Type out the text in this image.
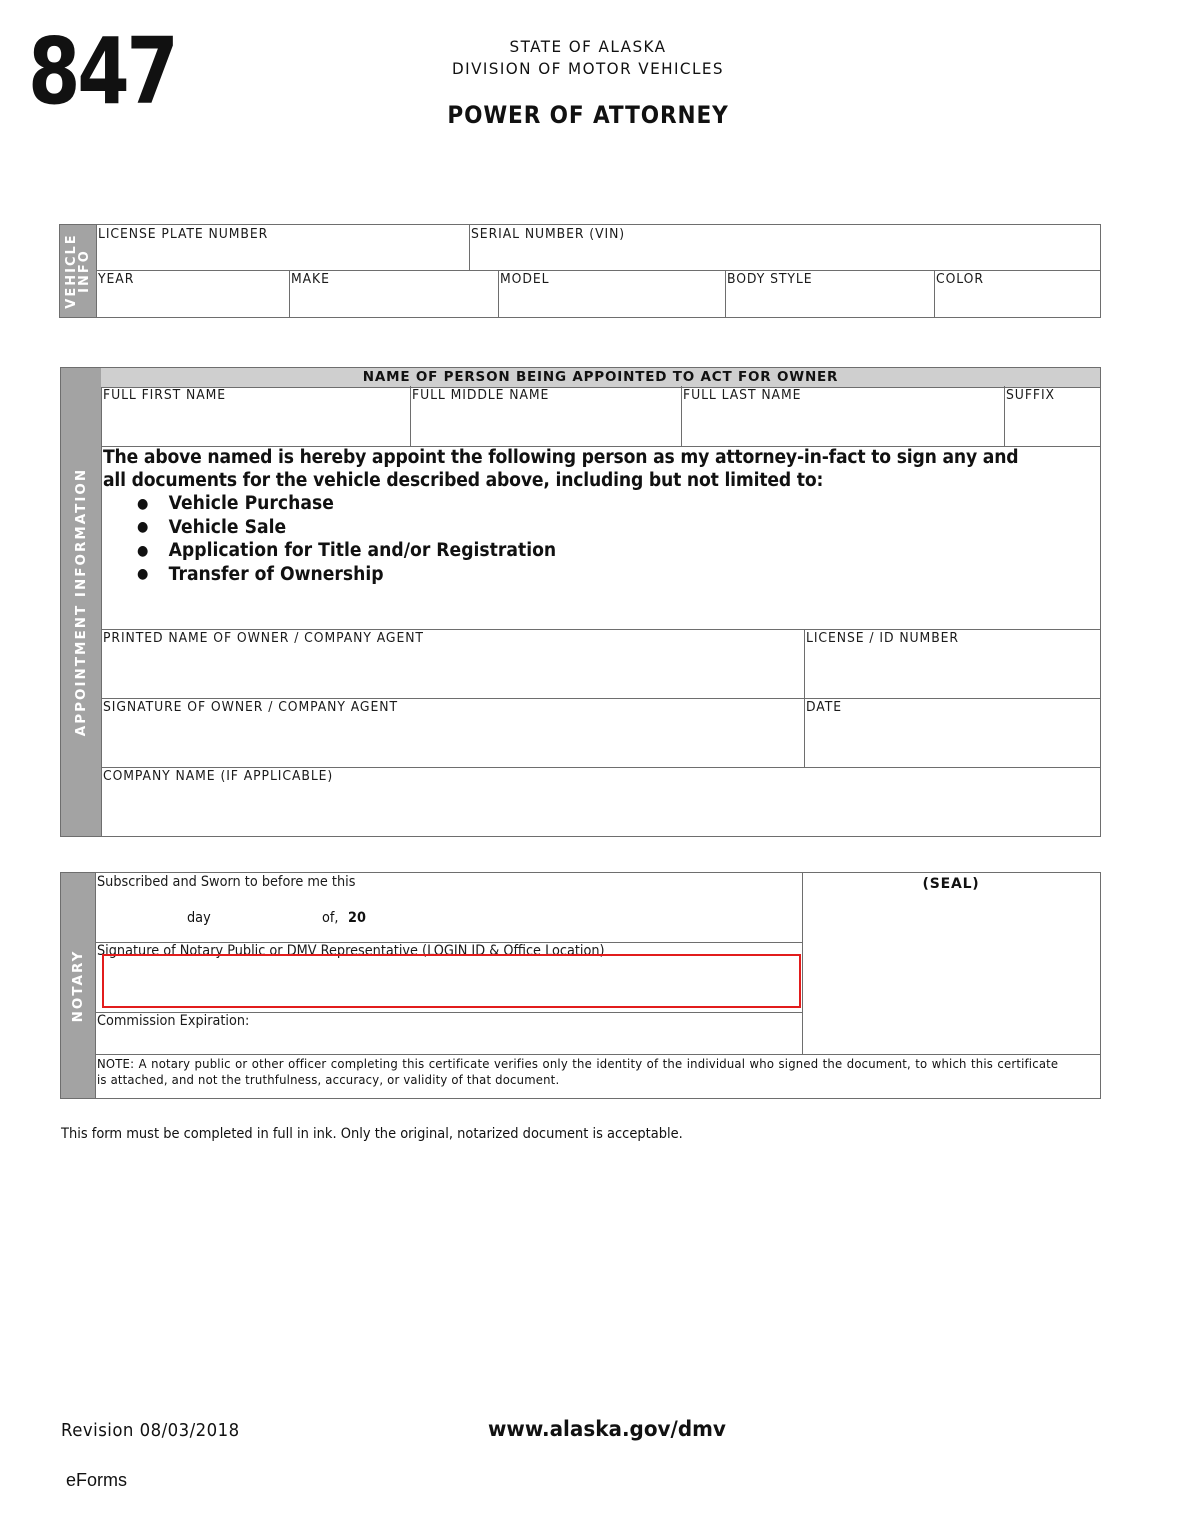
847	STATE OF ALASKA
DIVISION OF MOTOR VEHICLES
POWER OF ATTORNEY
VEHICLE INFO
LICENSE PLATE NUMBER	SERIAL NUMBER (VIN)
YEAR	MAKE	MODEL	BODY STYLE	COLOR
APPOINTMENT INFORMATION
NAME OF PERSON BEING APPOINTED TO ACT FOR OWNER
FULL FIRST NAME	FULL MIDDLE NAME	FULL LAST NAME	SUFFIX
The above named is hereby appoint the following person as my attorney-in-fact to sign any and all documents for the vehicle described above, including but not limited to:
● Vehicle Purchase
● Vehicle Sale
● Application for Title and/or Registration
● Transfer of Ownership
PRINTED NAME OF OWNER / COMPANY AGENT	LICENSE / ID NUMBER
SIGNATURE OF OWNER / COMPANY AGENT	DATE
COMPANY NAME (IF APPLICABLE)
NOTARY
Subscribed and Sworn to before me this
day	of, 20
Signature of Notary Public or DMV Representative (LOGIN ID & Office Location)
Commission Expiration:
(SEAL)
NOTE: A notary public or other officer completing this certificate verifies only the identity of the individual who signed the document, to which this certificate is attached, and not the truthfulness, accuracy, or validity of that document.
This form must be completed in full in ink. Only the original, notarized document is acceptable.
Revision 08/03/2018	www.alaska.gov/dmv
eForms
